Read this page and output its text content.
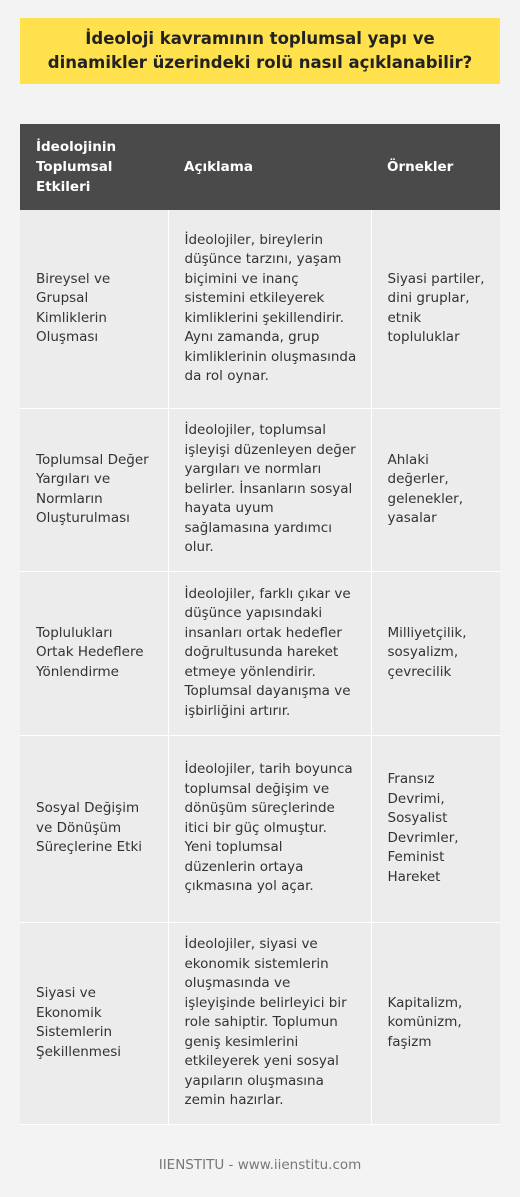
İdeoloji kavramının toplumsal yapı ve dinamikler üzerindeki rolü nasıl açıklanabilir?
İdeolojinin Toplumsal Etkileri	Açıklama	Örnekler
Bireysel ve Grupsal Kimliklerin Oluşması	İdeolojiler, bireylerin düşünce tarzını, yaşam biçimini ve inanç sistemini etkileyerek kimliklerini şekillendirir. Aynı zamanda, grup kimliklerinin oluşmasında da rol oynar.	Siyasi partiler, dini gruplar, etnik topluluklar
Toplumsal Değer Yargıları ve Normların Oluşturulması	İdeolojiler, toplumsal işleyişi düzenleyen değer yargıları ve normları belirler. İnsanların sosyal hayata uyum sağlamasına yardımcı olur.	Ahlaki değerler, gelenekler, yasalar
Toplulukları Ortak Hedeflere Yönlendirme	İdeolojiler, farklı çıkar ve düşünce yapısındaki insanları ortak hedefler doğrultusunda hareket etmeye yönlendirir. Toplumsal dayanışma ve işbirliğini artırır.	Milliyetçilik, sosyalizm, çevrecilik
Sosyal Değişim ve Dönüşüm Süreçlerine Etki	İdeolojiler, tarih boyunca toplumsal değişim ve dönüşüm süreçlerinde itici bir güç olmuştur. Yeni toplumsal düzenlerin ortaya çıkmasına yol açar.	Fransız Devrimi, Sosyalist Devrimler, Feminist Hareket
Siyasi ve Ekonomik Sistemlerin Şekillenmesi	İdeolojiler, siyasi ve ekonomik sistemlerin oluşmasında ve işleyişinde belirleyici bir role sahiptir. Toplumun geniş kesimlerini etkileyerek yeni sosyal yapıların oluşmasına zemin hazırlar.	Kapitalizm, komünizm, faşizm
IIENSTITU - www.iienstitu.com
